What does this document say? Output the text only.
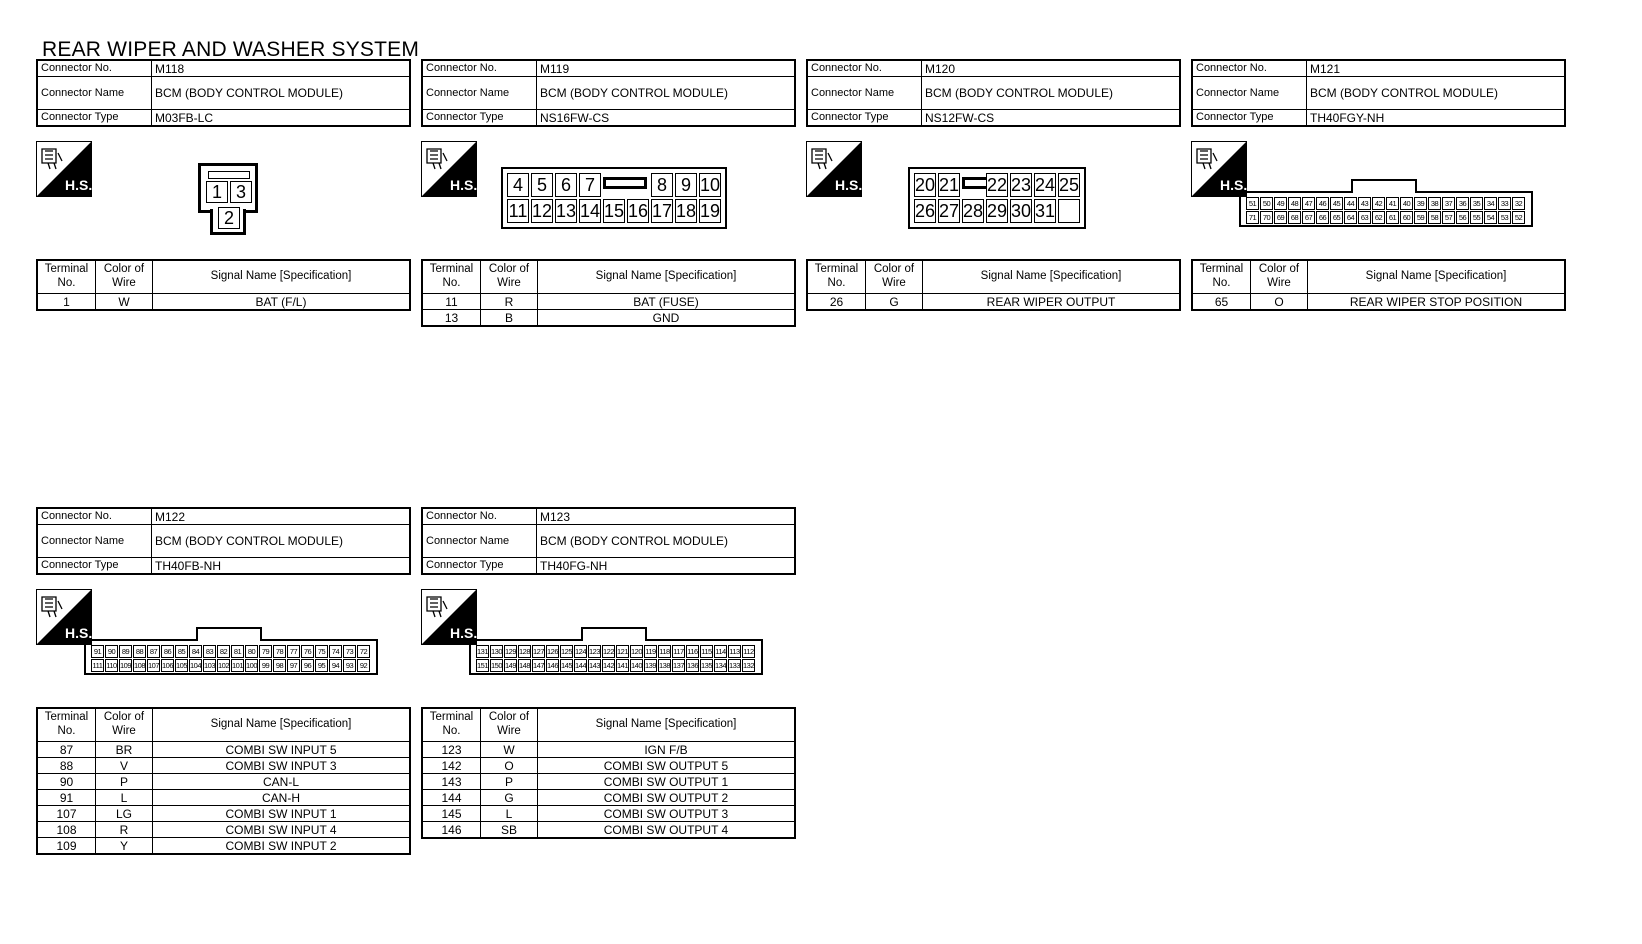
REAR WIPER AND WASHER SYSTEM
Connector No.	M118
Connector Name	BCM (BODY CONTROL MODULE)
Connector Type	M03FB-LC
H.S.	1 3
2
Terminal No.	Color of Wire	Signal Name [Specification]
1	W	BAT (F/L)
Connector No.	M119
Connector Name	BCM (BODY CONTROL MODULE)
Connector Type	NS16FW-CS
H.S.	4 5 6 7	8 9 10
11 12 13 14 15 16 17 18 19
Terminal No.	Color of Wire	Signal Name [Specification]
11	R	BAT (FUSE)
13	B	GND
Connector No.	M120
Connector Name	BCM (BODY CONTROL MODULE)
Connector Type	NS12FW-CS
H.S.	20 21 22 23 24 25
26 27 28 29 30 31
Terminal No.	Color of Wire	Signal Name [Specification]
26	G	REAR WIPER OUTPUT
Connector No.	M121
Connector Name	BCM (BODY CONTROL MODULE)
Connector Type	TH40FGY-NH
H.S.
51 50 49 48 47 46 45 44 43 42 41 40 39 38 37 36 35 34 33 32
71 70 69 68 67 66 65 64 63 62 61 60 59 58 57 56 55 54 53 52
Terminal No.	Color of Wire	Signal Name [Specification]
65	O	REAR WIPER STOP POSITION
Connector No.	M122
Connector Name	BCM (BODY CONTROL MODULE)
Connector Type	TH40FB-NH
H.S.
91 90 89 88 87 86 85 84 83 82 81 80 79 78 77 76 75 74 73 72
111 110 109 108 107 106 105 104 103 102 101 100 99 98 97 96 95 94 93 92
Terminal No.	Color of Wire	Signal Name [Specification]
87	BR	COMBI SW INPUT 5
88	V	COMBI SW INPUT 3
90	P	CAN-L
91	L	CAN-H
107	LG	COMBI SW INPUT 1
108	R	COMBI SW INPUT 4
109	Y	COMBI SW INPUT 2
Connector No.	M123
Connector Name	BCM (BODY CONTROL MODULE)
Connector Type	TH40FG-NH
H.S.
131 130 129 128 127 126 125 124 123 122 121 120 119 118 117 116 115 114 113 112
151 150 149 148 147 146 145 144 143 142 141 140 139 138 137 136 135 134 133 132
Terminal No.	Color of Wire	Signal Name [Specification]
123	W	IGN F/B
142	O	COMBI SW OUTPUT 5
143	P	COMBI SW OUTPUT 1
144	G	COMBI SW OUTPUT 2
145	L	COMBI SW OUTPUT 3
146	SB	COMBI SW OUTPUT 4
